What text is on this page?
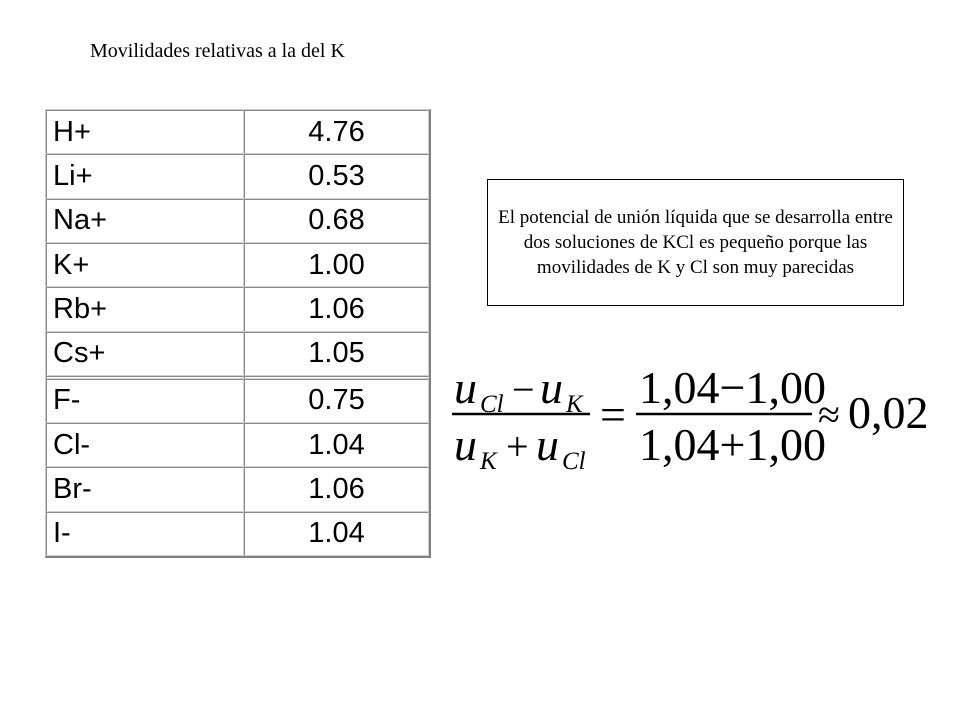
Movilidades relativas a la del K
H+	4.76
Li+	0.53
Na+	0.68
K+	1.00
Rb+	1.06
Cs+	1.05

F-	0.75
Cl-	1.04
Br-	1.06
I-	1.04
El potencial de unión líquida que se desarrolla entre dos soluciones de KCl es pequeño porque las movilidades de K y Cl son muy parecidas
u Cl − u K
u K + u Cl
=
1,04−1,00
1,04+1,00
≈ 0,02
